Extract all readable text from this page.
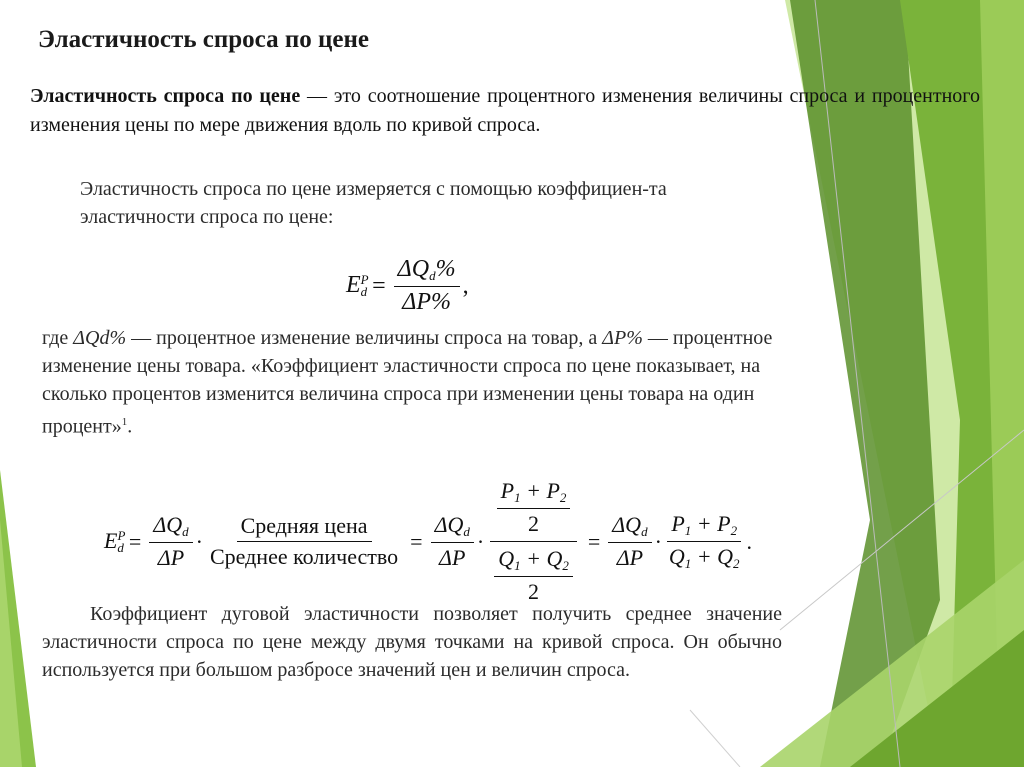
Эластичность спроса по цене
Эластичность спроса по цене — это соотношение процентного изменения величины спроса и процентного изменения цены по мере движения вдоль по кривой спроса.
Эластичность спроса по цене измеряется с помощью коэффициен-та эластичности спроса по цене:
$E^P_d = \frac{\Delta Q_d\%}{\Delta P\%}$ ,
где ΔQd% — процентное изменение величины спроса на товар, а ΔP% — процентное изменение цены товара. «Коэффициент эластичности спроса по цене показывает, на сколько процентов изменится величина спроса при изменении цены товара на один процент»$^1$.
$E^P_d = \frac{\Delta Q_d}{\Delta P} \cdot \frac{\text{Средняя цена}}{\text{Среднее количество}} = \frac{\Delta Q_d}{\Delta P} \cdot \frac{\frac{P_1 + P_2}{2}}{\frac{Q_1 + Q_2}{2}} = \frac{\Delta Q_d}{\Delta P} \cdot \frac{P_1 + P_2}{Q_1 + Q_2}$ .
Коэффициент дуговой эластичности позволяет получить среднее значение эластичности спроса по цене между двумя точками на кривой спроса. Он обычно используется при большом разбросе значений цен и величин спроса.
